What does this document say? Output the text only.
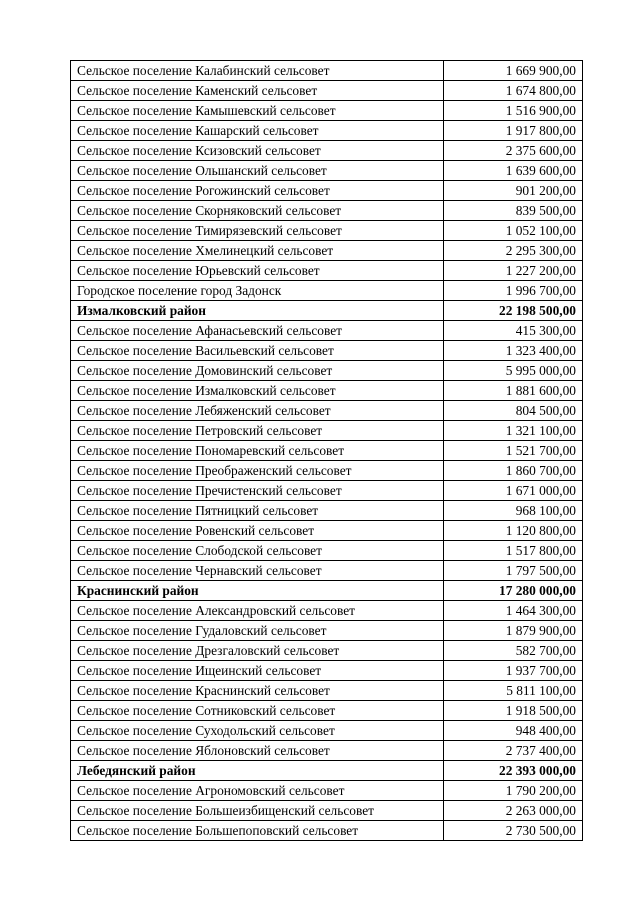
Сельское поселение Калабинский сельсовет	1 669 900,00
Сельское поселение Каменский сельсовет	1 674 800,00
Сельское поселение Камышевский сельсовет	1 516 900,00
Сельское поселение Кашарский сельсовет	1 917 800,00
Сельское поселение Ксизовский сельсовет	2 375 600,00
Сельское поселение Ольшанский сельсовет	1 639 600,00
Сельское поселение Рогожинский сельсовет	901 200,00
Сельское поселение Скорняковский сельсовет	839 500,00
Сельское поселение Тимирязевский сельсовет	1 052 100,00
Сельское поселение Хмелинецкий сельсовет	2 295 300,00
Сельское поселение Юрьевский сельсовет	1 227 200,00
Городское поселение город Задонск	1 996 700,00
Измалковский район	22 198 500,00
Сельское поселение Афанасьевский сельсовет	415 300,00
Сельское поселение Васильевский сельсовет	1 323 400,00
Сельское поселение Домовинский сельсовет	5 995 000,00
Сельское поселение Измалковский сельсовет	1 881 600,00
Сельское поселение Лебяженский сельсовет	804 500,00
Сельское поселение Петровский сельсовет	1 321 100,00
Сельское поселение Пономаревский сельсовет	1 521 700,00
Сельское поселение Преображенский сельсовет	1 860 700,00
Сельское поселение Пречистенский сельсовет	1 671 000,00
Сельское поселение Пятницкий сельсовет	968 100,00
Сельское поселение Ровенский сельсовет	1 120 800,00
Сельское поселение Слободской сельсовет	1 517 800,00
Сельское поселение Чернавский сельсовет	1 797 500,00
Краснинский район	17 280 000,00
Сельское поселение Александровский сельсовет	1 464 300,00
Сельское поселение Гудаловский сельсовет	1 879 900,00
Сельское поселение Дрезгаловский сельсовет	582 700,00
Сельское поселение Ищеинский сельсовет	1 937 700,00
Сельское поселение Краснинский сельсовет	5 811 100,00
Сельское поселение Сотниковский сельсовет	1 918 500,00
Сельское поселение Суходольский сельсовет	948 400,00
Сельское поселение Яблоновский сельсовет	2 737 400,00
Лебедянский район	22 393 000,00
Сельское поселение Агрономовский сельсовет	1 790 200,00
Сельское поселение Большеизбищенский сельсовет	2 263 000,00
Сельское поселение Большепоповский сельсовет	2 730 500,00
